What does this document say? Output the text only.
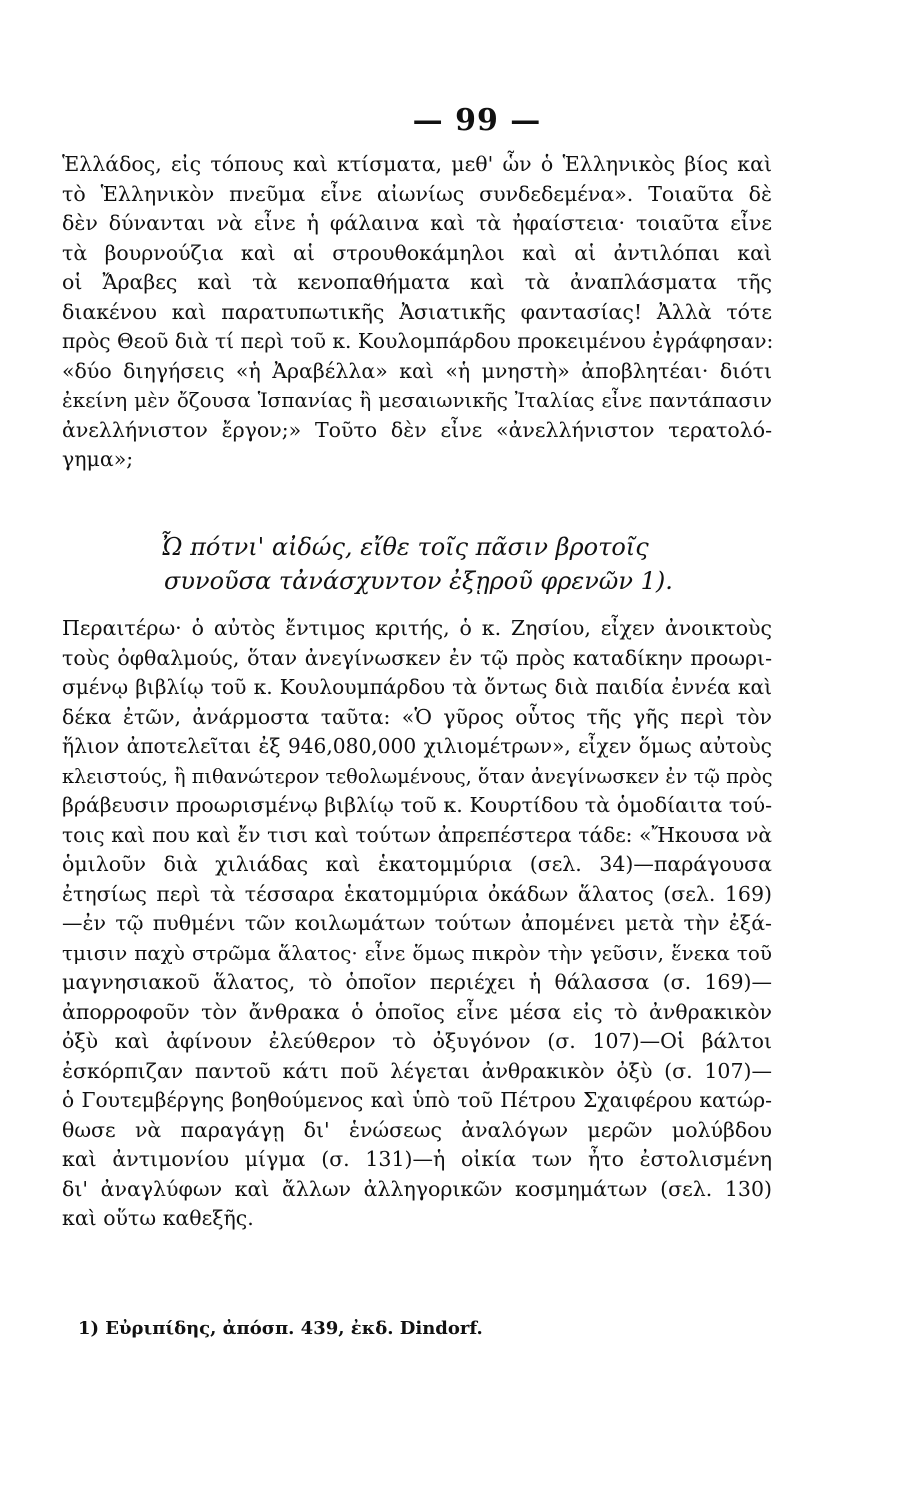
— 99 —
Ἑλλάδος, εἰς τόπους καὶ κτίσματα, μεθ' ὧν ὁ Ἑλληνικὸς βίος καὶ
τὸ Ἑλληνικὸν πνεῦμα εἶνε αἰωνίως συνδεδεμένα». Τοιαῦτα δὲ
δὲν δύνανται νὰ εἶνε ἡ φάλαινα καὶ τὰ ἠφαίστεια· τοιαῦτα εἶνε
τὰ βουρνούζια καὶ αἱ στρουθοκάμηλοι καὶ αἱ ἀντιλόπαι καὶ
οἱ Ἄραβες καὶ τὰ κενοπαθήματα καὶ τὰ ἀναπλάσματα τῆς
διακένου καὶ παρατυπωτικῆς Ἀσιατικῆς φαντασίας! Ἀλλὰ τότε
πρὸς Θεοῦ διὰ τί περὶ τοῦ κ. Κουλομπάρδου προκειμένου ἐγράφησαν:
«δύο διηγήσεις «ἡ Ἀραβέλλα» καὶ «ἡ μνηστὴ» ἀποβλητέαι· διότι
ἐκείνη μὲν ὄζουσα Ἱσπανίας ἢ μεσαιωνικῆς Ἰταλίας εἶνε παντάπασιν
ἀνελλήνιστον ἔργον;» Τοῦτο δὲν εἶνε «ἀνελλήνιστον τερατολό-
γημα»;
Ὦ πότνι' αἰδώς, εἴθε τοῖς πᾶσιν βροτοῖς
συνοῦσα τἀνάσχυντον ἐξῃροῦ φρενῶν 1).
Περαιτέρω· ὁ αὐτὸς ἔντιμος κριτής, ὁ κ. Ζησίου, εἶχεν ἀνοικτοὺς
τοὺς ὀφθαλμούς, ὅταν ἀνεγίνωσκεν ἐν τῷ πρὸς καταδίκην προωρι-
σμένῳ βιβλίῳ τοῦ κ. Κουλουμπάρδου τὰ ὄντως διὰ παιδία ἐννέα καὶ
δέκα ἐτῶν, ἀνάρμοστα ταῦτα: «Ὁ γῦρος οὗτος τῆς γῆς περὶ τὸν
ἥλιον ἀποτελεῖται ἐξ 946,080,000 χιλιομέτρων», εἶχεν ὅμως αὐτοὺς
κλειστούς, ἢ πιθανώτερον τεθολωμένους, ὅταν ἀνεγίνωσκεν ἐν τῷ πρὸς
βράβευσιν προωρισμένῳ βιβλίῳ τοῦ κ. Κουρτίδου τὰ ὁμοδίαιτα τού-
τοις καὶ που καὶ ἔν τισι καὶ τούτων ἀπρεπέστερα τάδε: «Ἤκουσα νὰ
ὁμιλοῦν διὰ χιλιάδας καὶ ἑκατομμύρια (σελ. 34)—παράγουσα
ἐτησίως περὶ τὰ τέσσαρα ἑκατομμύρια ὀκάδων ἅλατος (σελ. 169)
—ἐν τῷ πυθμένι τῶν κοιλωμάτων τούτων ἀπομένει μετὰ τὴν ἐξά-
τμισιν παχὺ στρῶμα ἅλατος· εἶνε ὅμως πικρὸν τὴν γεῦσιν, ἕνεκα τοῦ
μαγνησιακοῦ ἅλατος, τὸ ὁποῖον περιέχει ἡ θάλασσα (σ. 169)—
ἀπορροφοῦν τὸν ἄνθρακα ὁ ὁποῖος εἶνε μέσα εἰς τὸ ἀνθρακικὸν
ὀξὺ καὶ ἀφίνουν ἐλεύθερον τὸ ὀξυγόνον (σ. 107)—Οἱ βάλτοι
ἐσκόρπιζαν παντοῦ κάτι ποῦ λέγεται ἀνθρακικὸν ὀξὺ (σ. 107)—
ὁ Γουτεμβέργης βοηθούμενος καὶ ὑπὸ τοῦ Πέτρου Σχαιφέρου κατώρ-
θωσε νὰ παραγάγῃ δι' ἑνώσεως ἀναλόγων μερῶν μολύβδου
καὶ ἀντιμονίου μίγμα (σ. 131)—ἡ οἰκία των ἦτο ἐστολισμένη
δι' ἀναγλύφων καὶ ἄλλων ἀλληγορικῶν κοσμημάτων (σελ. 130)
καὶ οὕτω καθεξῆς.
1) Εὐριπίδης, ἀπόσπ. 439, ἐκδ. Dindorf.
